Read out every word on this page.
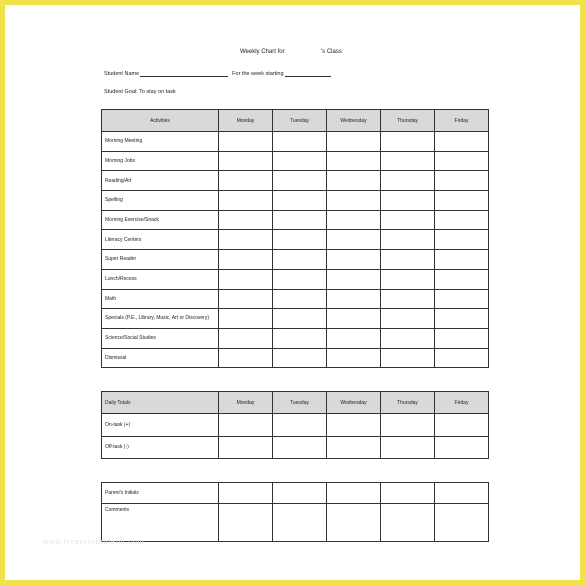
Weekly Chart for	's Class
Student Name	For the week starting
Student Goal: To stay on task
Activities	Monday	Tuesday	Wednesday	Thursday	Friday
Morning Meeting					
Morning Jobs					
Reading/Art					
Spelling					
Morning Exercise/Snack					
Literacy Centers					
Super Reader					
Lunch/Recess					
Math					
Specials (P.E., Library, Music, Art or Discovery)					
Science/Social Studies					
Dismissal					
Daily Totals	Monday	Tuesday	Wednesday	Thursday	Friday
On-task (+)					
Off-task (-)					
Parent's Initials					
Comments					
www.freeprintabletm.com
